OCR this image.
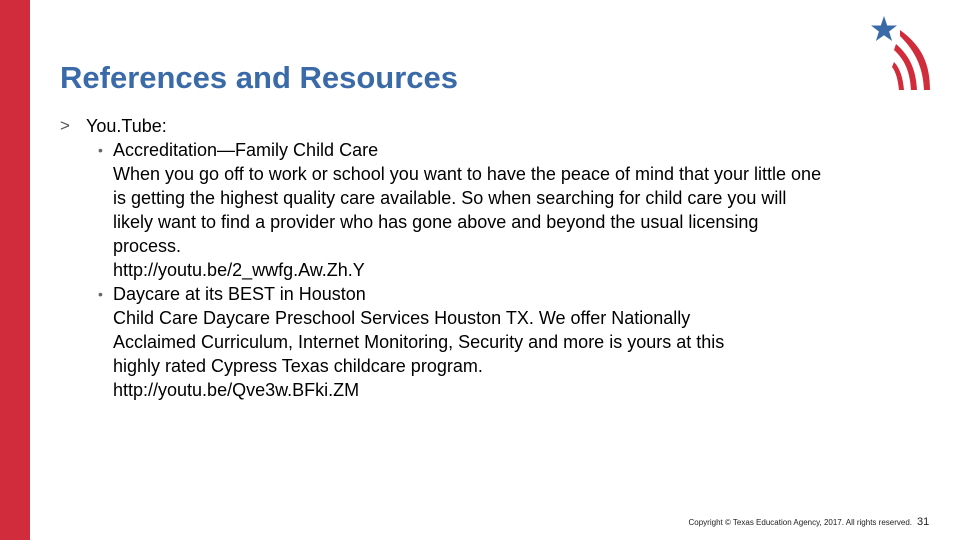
References and Resources
> You.Tube:
• Accreditation—Family Child Care
When you go off to work or school you want to have the peace of mind that your little one
is getting the highest quality care available. So when searching for child care you will
likely want to find a provider who has gone above and beyond the usual licensing
process.
http://youtu.be/2_wwfg.Aw.Zh.Y
• Daycare at its BEST in Houston
Child Care Daycare Preschool Services Houston TX. We offer Nationally
Acclaimed Curriculum, Internet Monitoring, Security and more is yours at this
highly rated Cypress Texas childcare program.
http://youtu.be/Qve3w.BFki.ZM
Copyright © Texas Education Agency, 2017. All rights reserved. 31
